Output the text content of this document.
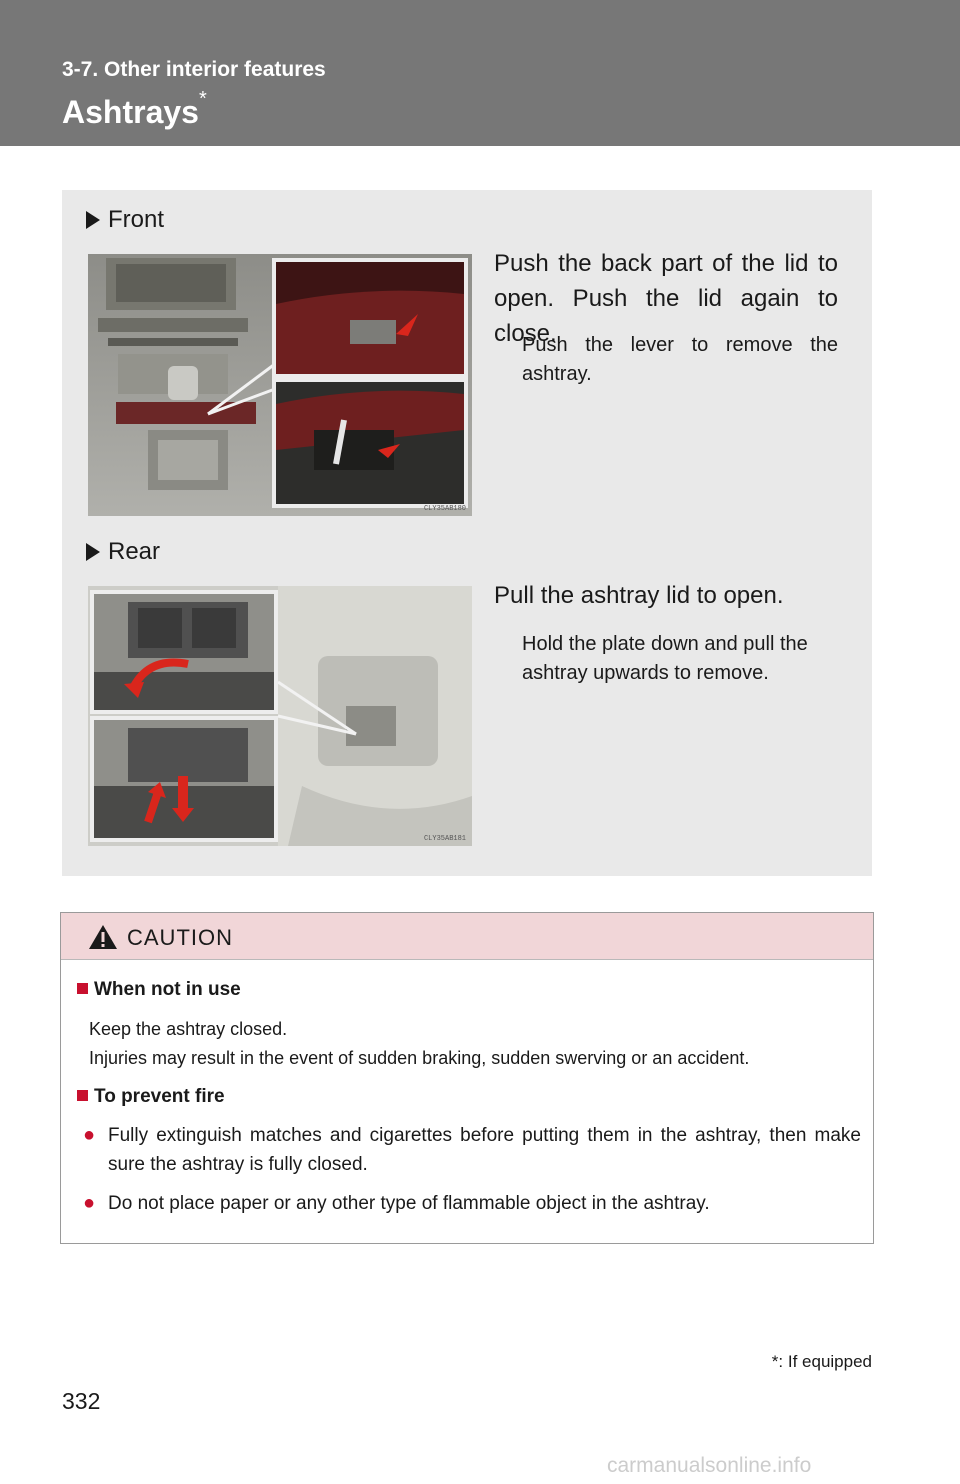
3-7. Other interior features
Ashtrays*
Front
CLY35AB180
Push the back part of the lid to open. Push the lid again to close.
Push the lever to remove the ashtray.
Rear
CLY35AB181
Pull the ashtray lid to open.
Hold the plate down and pull the ashtray upwards to remove.
CAUTION
When not in use
Keep the ashtray closed.
Injuries may result in the event of sudden braking, sudden swerving or an accident.
To prevent fire
● Fully extinguish matches and cigarettes before putting them in the ashtray, then make sure the ashtray is fully closed.
● Do not place paper or any other type of flammable object in the ashtray.
*: If equipped
332
carmanualsonline.info
